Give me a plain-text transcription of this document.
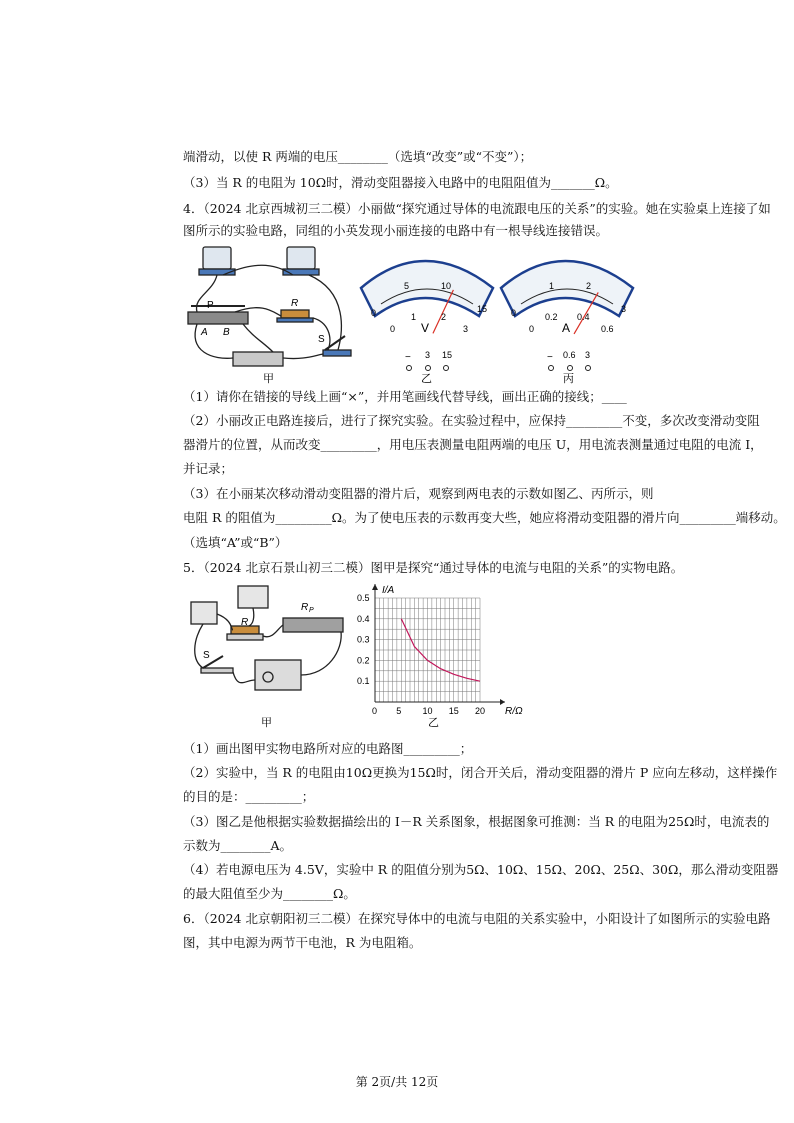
端滑动，以使 R 两端的电压________（选填“改变”或“不变”）；
（3）当 R 的电阻为 10Ω时，滑动变阻器接入电路中的电阻阻值为_______Ω。
4．（2024 北京西城初三二模）小丽做“探究通过导体的电流跟电压的关系”的实验。她在实验桌上连接了如
图所示的实验电路，同组的小英发现小丽连接的电路中有一根导线连接错误。
P	R
A B
S
甲
0
5	10
15
0
1	2
3
V
− 3 15
乙
0
1	2
3
0
0.2 0.4
0.6
A
− 0.6 3
丙
（1）请你在错接的导线上画“×”，并用笔画线代替导线，画出正确的接线；____
（2）小丽改正电路连接后，进行了探究实验。在实验过程中，应保持_________不变，多次改变滑动变阻
器滑片的位置，从而改变_________，用电压表测量电阻两端的电压 U，用电流表测量通过电阻的电流 I，
并记录；
（3）在小丽某次移动滑动变阻器的滑片后，观察到两电表的示数如图乙、丙所示，则
电阻 R 的阻值为_________Ω。为了使电压表的示数再变大些，她应将滑动变阻器的滑片向_________端移动。
（选填“A”或“B”）
5．（2024 北京石景山初三二模）图甲是探究“通过导体的电流与电阻的关系”的实物电路。
R P
R
S
甲
0 5 10 15 20
0.1
0.2
0.3
0.4
0.5
I/A
R/Ω
乙
（1）画出图甲实物电路所对应的电路图_________；
（2）实验中，当 R 的电阻由10Ω更换为15Ω时，闭合开关后，滑动变阻器的滑片 P 应向左移动，这样操作
的目的是：_________；
（3）图乙是他根据实验数据描绘出的 I－R 关系图象，根据图象可推测：当 R 的电阻为25Ω时，电流表的
示数为________A。
（4）若电源电压为 4.5V，实验中 R 的阻值分别为5Ω、10Ω、15Ω、20Ω、25Ω、30Ω，那么滑动变阻器
的最大阻值至少为________Ω。
6．（2024 北京朝阳初三二模）在探究导体中的电流与电阻的关系实验中，小阳设计了如图所示的实验电路
图，其中电源为两节干电池，R 为电阻箱。
第 2页/共 12页
